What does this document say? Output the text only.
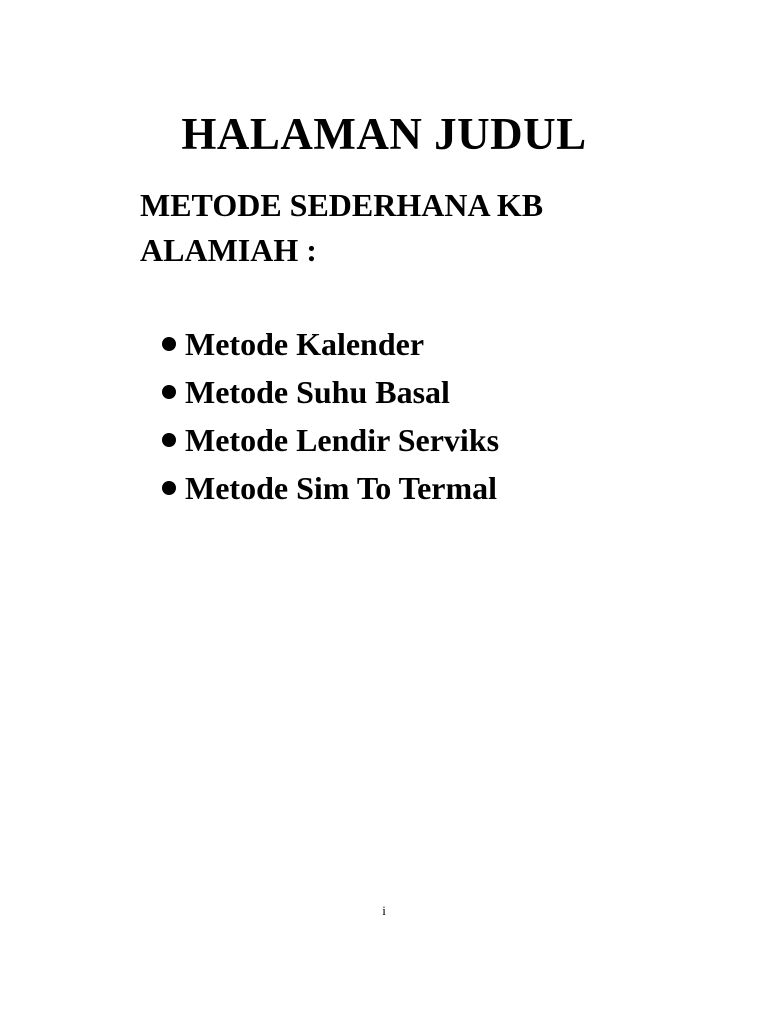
HALAMAN JUDUL
METODE SEDERHANA KB
ALAMIAH :
Metode Kalender
Metode Suhu Basal
Metode Lendir Serviks
Metode Sim To Termal
i
